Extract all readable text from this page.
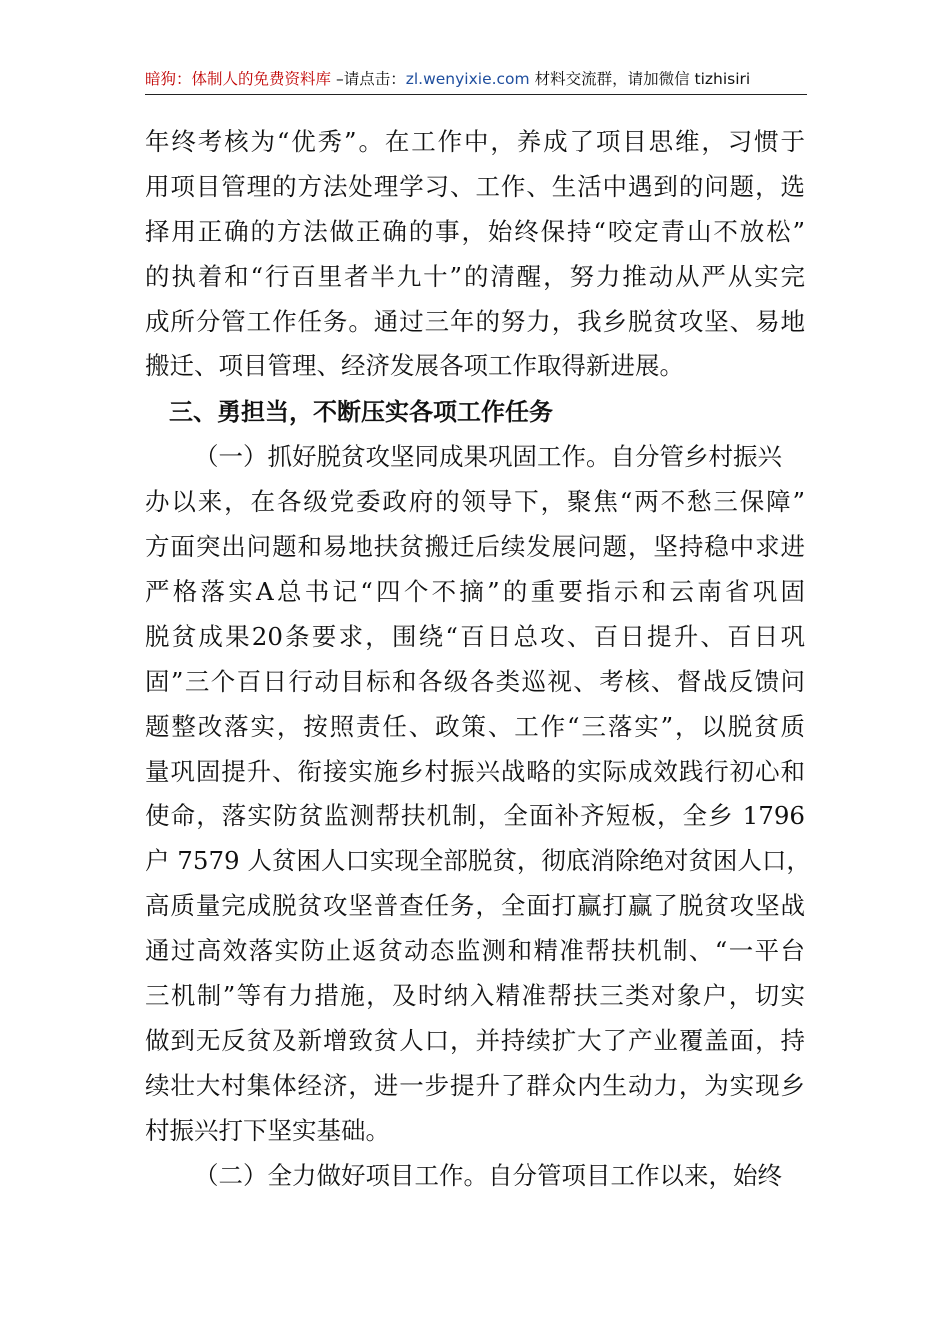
暗狗：体制人的免费资料库 –请点击：zl.wenyixie.com 材料交流群，请加微信 tizhisiri
年终考核为“优秀”。在工作中，养成了项目思维，习惯于
用项目管理的方法处理学习、工作、生活中遇到的问题，选
择用正确的方法做正确的事，始终保持“咬定青山不放松”
的执着和“行百里者半九十”的清醒，努力推动从严从实完
成所分管工作任务。通过三年的努力，我乡脱贫攻坚、易地
搬迁、项目管理、经济发展各项工作取得新进展。
三、勇担当，不断压实各项工作任务
（一）抓好脱贫攻坚同成果巩固工作。自分管乡村振兴
办以来，在各级党委政府的领导下，聚焦“两不愁三保障”
方面突出问题和易地扶贫搬迁后续发展问题，坚持稳中求进
严格落实A总书记“四个不摘”的重要指示和云南省巩固
脱贫成果20条要求，围绕“百日总攻、百日提升、百日巩
固”三个百日行动目标和各级各类巡视、考核、督战反馈问
题整改落实，按照责任、政策、工作“三落实”，以脱贫质
量巩固提升、衔接实施乡村振兴战略的实际成效践行初心和
使命，落实防贫监测帮扶机制，全面补齐短板，全乡 1796
户 7579 人贫困人口实现全部脱贫，彻底消除绝对贫困人口，
高质量完成脱贫攻坚普查任务，全面打赢打赢了脱贫攻坚战
通过高效落实防止返贫动态监测和精准帮扶机制、“一平台
三机制”等有力措施，及时纳入精准帮扶三类对象户，切实
做到无反贫及新增致贫人口，并持续扩大了产业覆盖面，持
续壮大村集体经济，进一步提升了群众内生动力，为实现乡
村振兴打下坚实基础。
（二）全力做好项目工作。自分管项目工作以来，始终
